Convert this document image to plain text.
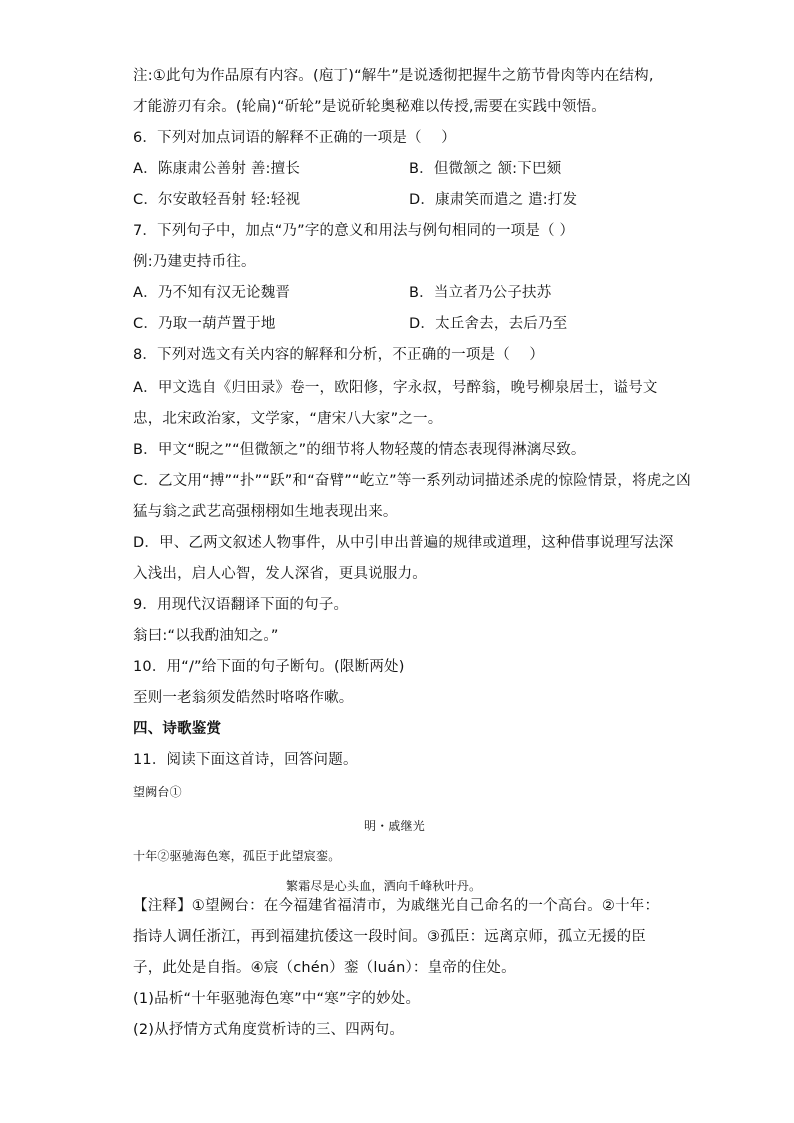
注:①此句为作品原有内容。(庖丁)“解牛”是说透彻把握牛之筋节骨肉等内在结构,
才能游刃有余。(轮扁)“斫轮”是说斫轮奥秘难以传授,需要在实践中领悟。
6．下列对加点词语的解释不正确的一项是（　 ）
A．陈康肃公善射 善:擅长	B．但微颔之 颔:下巴颏
C．尔安敢轻吾射 轻:轻视	D．康肃笑而遣之 遣:打发
7．下列句子中，加点“乃”字的意义和用法与例句相同的一项是（ ）
例:乃建吏持币往。
A．乃不知有汉无论魏晋	B．当立者乃公子扶苏
C．乃取一葫芦置于地	D．太丘舍去，去后乃至
8．下列对选文有关内容的解释和分析，不正确的一项是（　 ）
A．甲文选自《归田录》卷一，欧阳修，字永叔，号醉翁，晚号柳泉居士，谥号文
忠，北宋政治家，文学家，“唐宋八大家”之一。
B．甲文“睨之”“但微颔之”的细节将人物轻蔑的情态表现得淋漓尽致。
C．乙文用“搏”“扑”“跃”和“奋臂”“屹立”等一系列动词描述杀虎的惊险情景，将虎之凶
猛与翁之武艺高强栩栩如生地表现出来。
D．甲、乙两文叙述人物事件，从中引申出普遍的规律或道理，这种借事说理写法深
入浅出，启人心智，发人深省，更具说服力。
9．用现代汉语翻译下面的句子。
翁曰:“以我酌油知之。”
10．用“/”给下面的句子断句。(限断两处)
至则一老翁须发皓然时咯咯作嗽。
四、诗歌鉴赏
11．阅读下面这首诗，回答问题。
望阙台①
明・戚继光
十年②驱驰海色寒，孤臣于此望宸銮。
繁霜尽是心头血，洒向千峰秋叶丹。

【注释】①望阙台：在今福建省福清市，为戚继光自己命名的一个高台。②十年：指诗人调任浙江，再到福建抗倭这一段时间。③孤臣：远离京师，孤立无援的臣子，此处是自指。④宸（chén）銮（luán）：皇帝的住处。

(1)品析“十年驱驰海色寒”中“寒”字的妙处。

(2)从抒情方式角度赏析诗的三、四两句。
